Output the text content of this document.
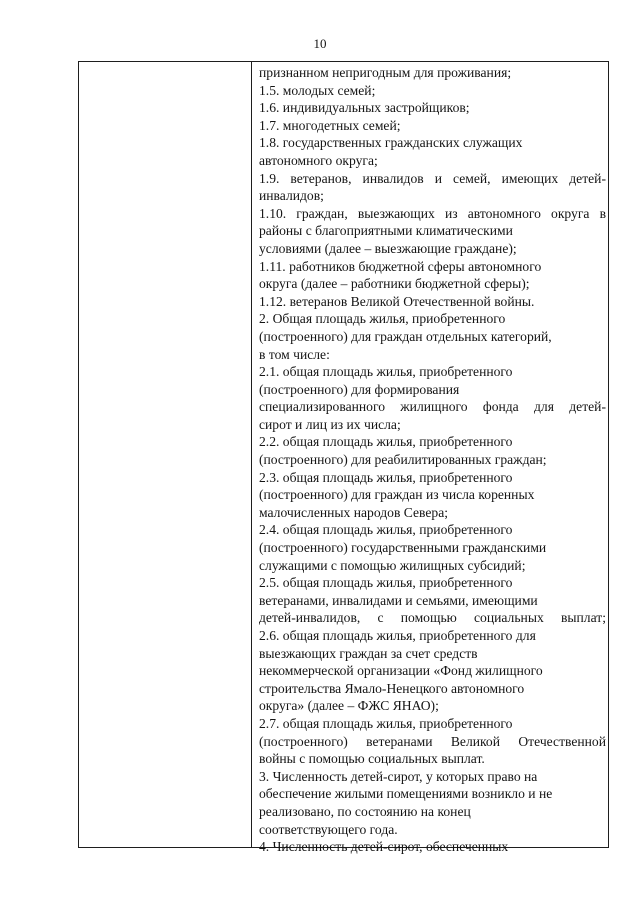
10
признанном непригодным для проживания;
1.5. молодых семей;
1.6. индивидуальных застройщиков;
1.7. многодетных семей;
1.8. государственных гражданских служащих
автономного округа;
1.9. ветеранов, инвалидов и семей, имеющих детей-
инвалидов;
1.10. граждан, выезжающих из автономного округа в
районы с благоприятными климатическими
условиями (далее – выезжающие граждане);
1.11. работников бюджетной сферы автономного
округа (далее – работники бюджетной сферы);
1.12. ветеранов Великой Отечественной войны.
2. Общая площадь жилья, приобретенного
(построенного) для граждан отдельных категорий,
в том числе:
2.1. общая площадь жилья, приобретенного
(построенного) для формирования
специализированного жилищного фонда для детей-
сирот и лиц из их числа;
2.2. общая площадь жилья, приобретенного
(построенного) для реабилитированных граждан;
2.3. общая площадь жилья, приобретенного
(построенного) для граждан из числа коренных
малочисленных народов Севера;
2.4. общая площадь жилья, приобретенного
(построенного) государственными гражданскими
служащими с помощью жилищных субсидий;
2.5. общая площадь жилья, приобретенного
ветеранами, инвалидами и семьями, имеющими
детей-инвалидов, с помощью социальных выплат;
2.6. общая площадь жилья, приобретенного для
выезжающих граждан за счет средств
некоммерческой организации «Фонд жилищного
строительства Ямало-Ненецкого автономного
округа» (далее – ФЖС ЯНАО);
2.7. общая площадь жилья, приобретенного
(построенного) ветеранами Великой Отечественной
войны с помощью социальных выплат.
3. Численность детей-сирот, у которых право на
обеспечение жилыми помещениями возникло и не
реализовано, по состоянию на конец
соответствующего года.
4. Численность детей-сирот, обеспеченных
